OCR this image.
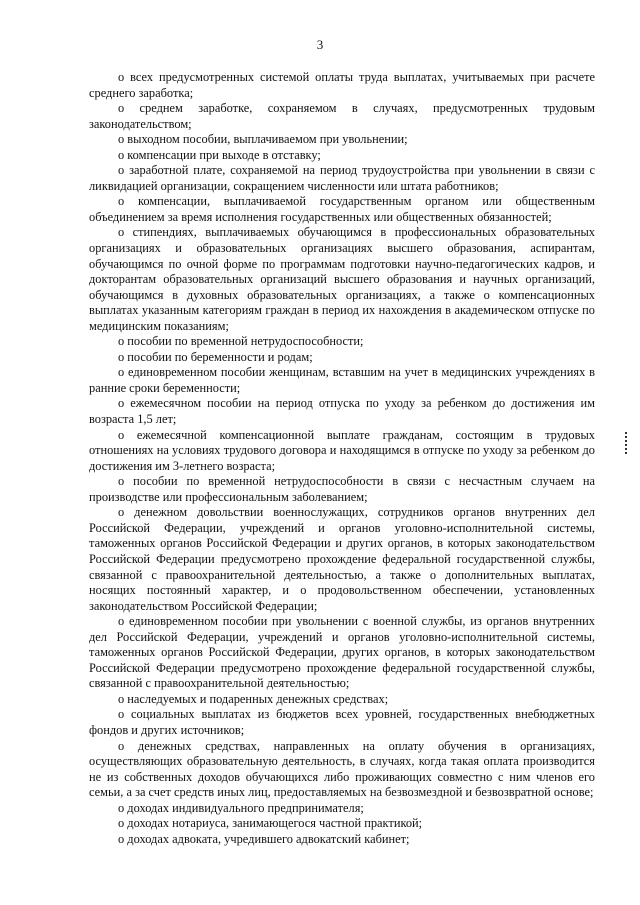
3

о всех предусмотренных системой оплаты труда выплатах, учитываемых при расчете среднего заработка;

о среднем заработке, сохраняемом в случаях, предусмотренных трудовым законодательством;

о выходном пособии, выплачиваемом при увольнении;

о компенсации при выходе в отставку;

о заработной плате, сохраняемой на период трудоустройства при увольнении в связи с ликвидацией организации, сокращением численности или штата работников;

о компенсации, выплачиваемой государственным органом или общественным объединением за время исполнения государственных или общественных обязанностей;

о стипендиях, выплачиваемых обучающимся в профессиональных образовательных организациях и образовательных организациях высшего образования, аспирантам, обучающимся по очной форме по программам подготовки научно-педагогических кадров, и докторантам образовательных организаций высшего образования и научных организаций, обучающимся в духовных образовательных организациях, а также о компенсационных выплатах указанным категориям граждан в период их нахождения в академическом отпуске по медицинским показаниям;

о пособии по временной нетрудоспособности;

о пособии по беременности и родам;

о единовременном пособии женщинам, вставшим на учет в медицинских учреждениях в ранние сроки беременности;

о ежемесячном пособии на период отпуска по уходу за ребенком до достижения им возраста 1,5 лет;

о ежемесячной компенсационной выплате гражданам, состоящим в трудовых отношениях на условиях трудового договора и находящимся в отпуске по уходу за ребенком до достижения им 3-летнего возраста;

о пособии по временной нетрудоспособности в связи с несчастным случаем на производстве или профессиональным заболеванием;

о денежном довольствии военнослужащих, сотрудников органов внутренних дел Российской Федерации, учреждений и органов уголовно-исполнительной системы, таможенных органов Российской Федерации и других органов, в которых законодательством Российской Федерации предусмотрено прохождение федеральной государственной службы, связанной с правоохранительной деятельностью, а также о дополнительных выплатах, носящих постоянный характер, и о продовольственном обеспечении, установленных законодательством Российской Федерации;

о единовременном пособии при увольнении с военной службы, из органов внутренних дел Российской Федерации, учреждений и органов уголовно-исполнительной системы, таможенных органов Российской Федерации, других органов, в которых законодательством Российской Федерации предусмотрено прохождение федеральной государственной службы, связанной с правоохранительной деятельностью;

о наследуемых и подаренных денежных средствах;

о социальных выплатах из бюджетов всех уровней, государственных внебюджетных фондов и других источников;

о денежных средствах, направленных на оплату обучения в организациях, осуществляющих образовательную деятельность, в случаях, когда такая оплата производится не из собственных доходов обучающихся либо проживающих совместно с ним членов его семьи, а за счет средств иных лиц, предоставляемых на безвозмездной и безвозвратной основе;

о доходах индивидуального предпринимателя;

о доходах нотариуса, занимающегося частной практикой;

о доходах адвоката, учредившего адвокатский кабинет;
